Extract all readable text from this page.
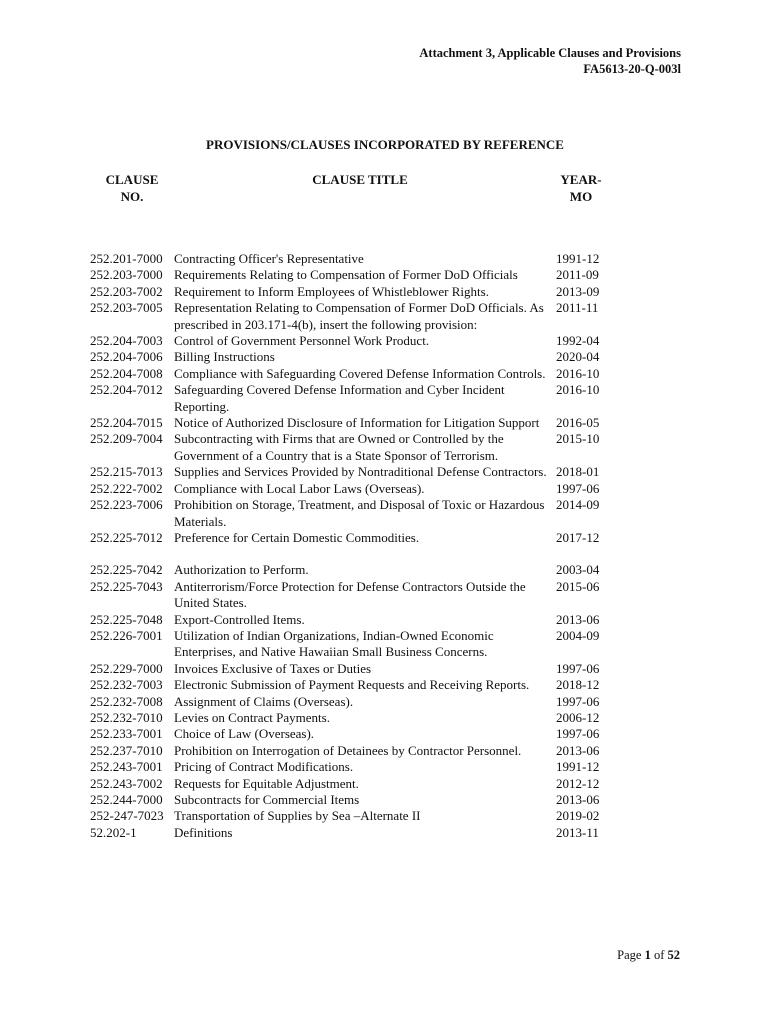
Attachment 3, Applicable Clauses and Provisions
FA5613-20-Q-003l
PROVISIONS/CLAUSES INCORPORATED BY REFERENCE
CLAUSE
NO.
CLAUSE TITLE	YEAR-
MO
252.201-7000 Contracting Officer's Representative	1991-12
252.203-7000 Requirements Relating to Compensation of Former DoD Officials	2011-09
252.203-7002 Requirement to Inform Employees of Whistleblower Rights.	2013-09
252.203-7005 Representation Relating to Compensation of Former DoD Officials. As prescribed in 203.171-4(b), insert the following provision:
2011-11
252.204-7003 Control of Government Personnel Work Product.	1992-04
252.204-7006 Billing Instructions	2020-04
252.204-7008 Compliance with Safeguarding Covered Defense Information Controls. 2016-10
252.204-7012 Safeguarding Covered Defense Information and Cyber Incident Reporting.
2016-10
252.204-7015 Notice of Authorized Disclosure of Information for Litigation Support	2016-05
252.209-7004 Subcontracting with Firms that are Owned or Controlled by the Government of a Country that is a State Sponsor of Terrorism.
2015-10
252.215-7013 Supplies and Services Provided by Nontraditional Defense Contractors. 2018-01
252.222-7002 Compliance with Local Labor Laws (Overseas).	1997-06
252.223-7006 Prohibition on Storage, Treatment, and Disposal of Toxic or Hazardous Materials.
2014-09
252.225-7012 Preference for Certain Domestic Commodities.	2017-12
252.225-7042 Authorization to Perform.	2003-04
252.225-7043 Antiterrorism/Force Protection for Defense Contractors Outside the United States.
2015-06
252.225-7048 Export-Controlled Items.	2013-06
252.226-7001 Utilization of Indian Organizations, Indian-Owned Economic Enterprises, and Native Hawaiian Small Business Concerns.
2004-09
252.229-7000 Invoices Exclusive of Taxes or Duties	1997-06
252.232-7003 Electronic Submission of Payment Requests and Receiving Reports.	2018-12
252.232-7008 Assignment of Claims (Overseas).	1997-06
252.232-7010 Levies on Contract Payments.	2006-12
252.233-7001 Choice of Law (Overseas).	1997-06
252.237-7010 Prohibition on Interrogation of Detainees by Contractor Personnel.	2013-06
252.243-7001 Pricing of Contract Modifications.	1991-12
252.243-7002 Requests for Equitable Adjustment.	2012-12
252.244-7000 Subcontracts for Commercial Items	2013-06
252-247-7023 Transportation of Supplies by Sea –Alternate II	2019-02
52.202-1	Definitions	2013-11
Page 1 of 52
